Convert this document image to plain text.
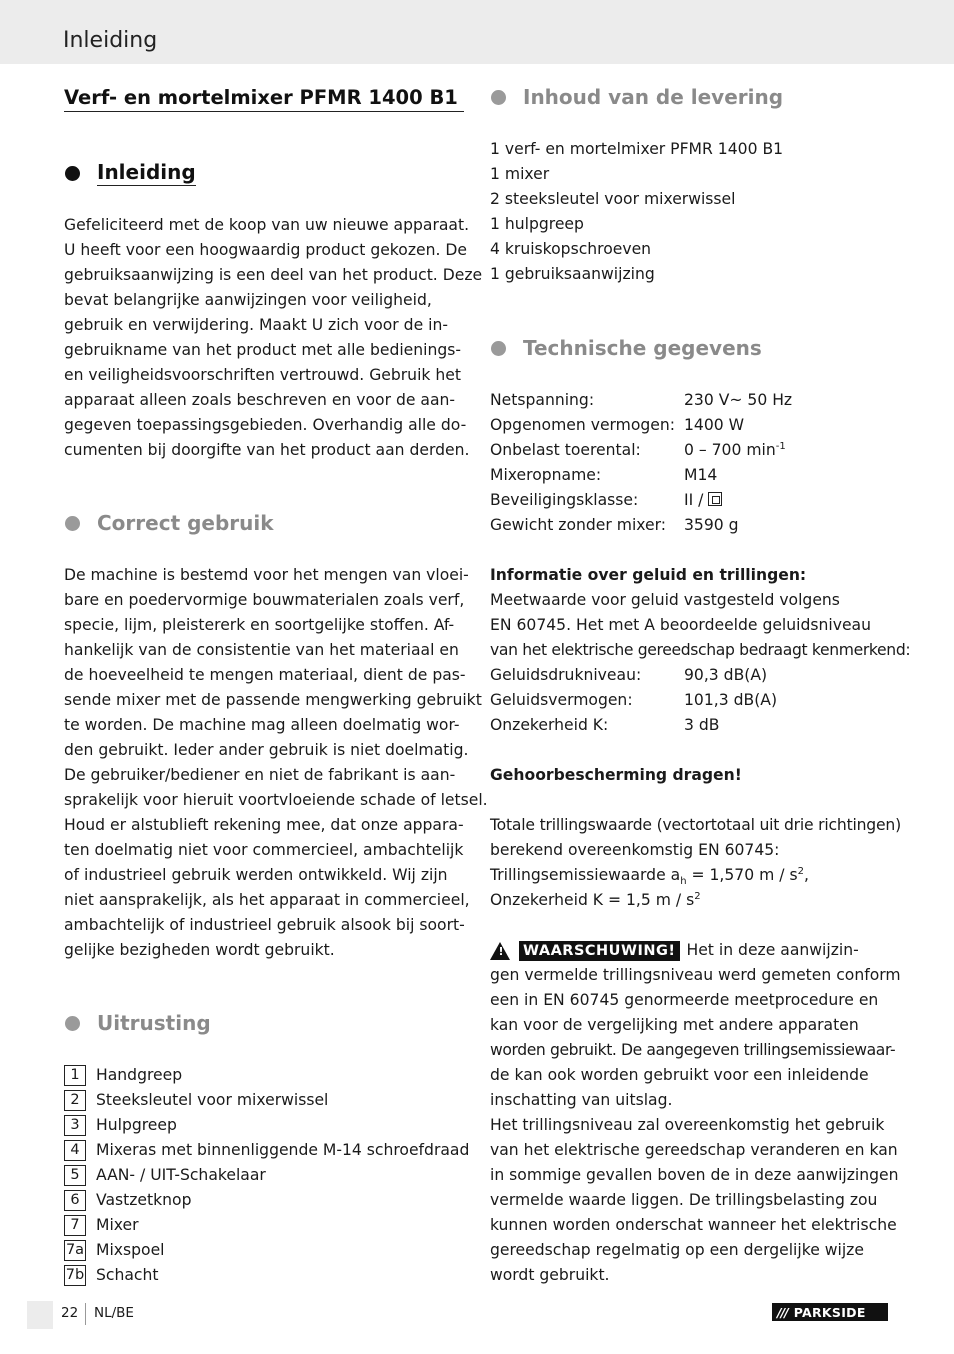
Inleiding
Verf- en mortelmixer PFMR 1400 B1
Inleiding
Gefeliciteerd met de koop van uw nieuwe apparaat.
U heeft voor een hoogwaardig product gekozen. De
gebruiksaanwijzing is een deel van het product. Deze
bevat belangrijke aanwijzingen voor veiligheid,
gebruik en verwijdering. Maakt U zich voor de in-
gebruikname van het product met alle bedienings-
en veiligheidsvoorschriften vertrouwd. Gebruik het
apparaat alleen zoals beschreven en voor de aan-
gegeven toepassingsgebieden. Overhandig alle do-
cumenten bij doorgifte van het product aan derden.
Correct gebruik
De machine is bestemd voor het mengen van vloei-
bare en poedervormige bouwmaterialen zoals verf,
specie, lijm, pleistererk en soortgelijke stoffen. Af-
hankelijk van de consistentie van het materiaal en
de hoeveelheid te mengen materiaal, dient de pas-
sende mixer met de passende mengwerking gebruikt
te worden. De machine mag alleen doelmatig wor-
den gebruikt. Ieder ander gebruik is niet doelmatig.
De gebruiker/bediener en niet de fabrikant is aan-
sprakelijk voor hieruit voortvloeiende schade of letsel.
Houd er alstublieft rekening mee, dat onze appara-
ten doelmatig niet voor commercieel, ambachtelijk
of industrieel gebruik werden ontwikkeld. Wij zijn
niet aansprakelijk, als het apparaat in commercieel,
ambachtelijk of industrieel gebruik alsook bij soort-
gelijke bezigheden wordt gebruikt.
Uitrusting
1	Handgreep
2	Steeksleutel voor mixerwissel
3	Hulpgreep
4	Mixeras met binnenliggende M-14 schroefdraad
5	AAN- / UIT-Schakelaar
6	Vastzetknop
7	Mixer
7a Mixspoel
7b Schacht
Inhoud van de levering
1 verf- en mortelmixer PFMR 1400 B1
1 mixer
2 steeksleutel voor mixerwissel
1 hulpgreep
4 kruiskopschroeven
1 gebruiksaanwijzing
Technische gegevens
Netspanning:	230 V~ 50 Hz
Opgenomen vermogen: 1400 W
Onbelast toerental:	0 – 700 $\min^{-1}$
Mixeropname:	M14
Beveiligingsklasse:	II /
Gewicht zonder mixer:	3590 g
Informatie over geluid en trillingen:
Meetwaarde voor geluid vastgesteld volgens
EN 60745. Het met A beoordeelde geluidsniveau
van het elektrische gereedschap bedraagt kenmerkend:
Geluidsdrukniveau:	90,3 dB(A)
Geluidsvermogen:	101,3 dB(A)
Onzekerheid K:	3 dB
Gehoorbescherming dragen!
Totale trillingswaarde (vectortotaal uit drie richtingen)
berekend overeenkomstig EN 60745:
Trillingsemissiewaarde $a_h = 1,570$ m / $s^2$,
Onzekerheid K = 1,5 m / $s^2$
! WAARSCHUWING! Het in deze aanwijzin-
gen vermelde trillingsniveau werd gemeten conform
een in EN 60745 genormeerde meetprocedure en
kan voor de vergelijking met andere apparaten
worden gebruikt. De aangegeven trillingsemissiewaar-
de kan ook worden gebruikt voor een inleidende
inschatting van uitslag.
Het trillingsniveau zal overeenkomstig het gebruik
van het elektrische gereedschap veranderen en kan
in sommige gevallen boven de in deze aanwijzingen
vermelde waarde liggen. De trillingsbelasting zou
kunnen worden onderschat wanneer het elektrische
gereedschap regelmatig op een dergelijke wijze
wordt gebruikt.
22 NL/BE	/// PARKSIDE
